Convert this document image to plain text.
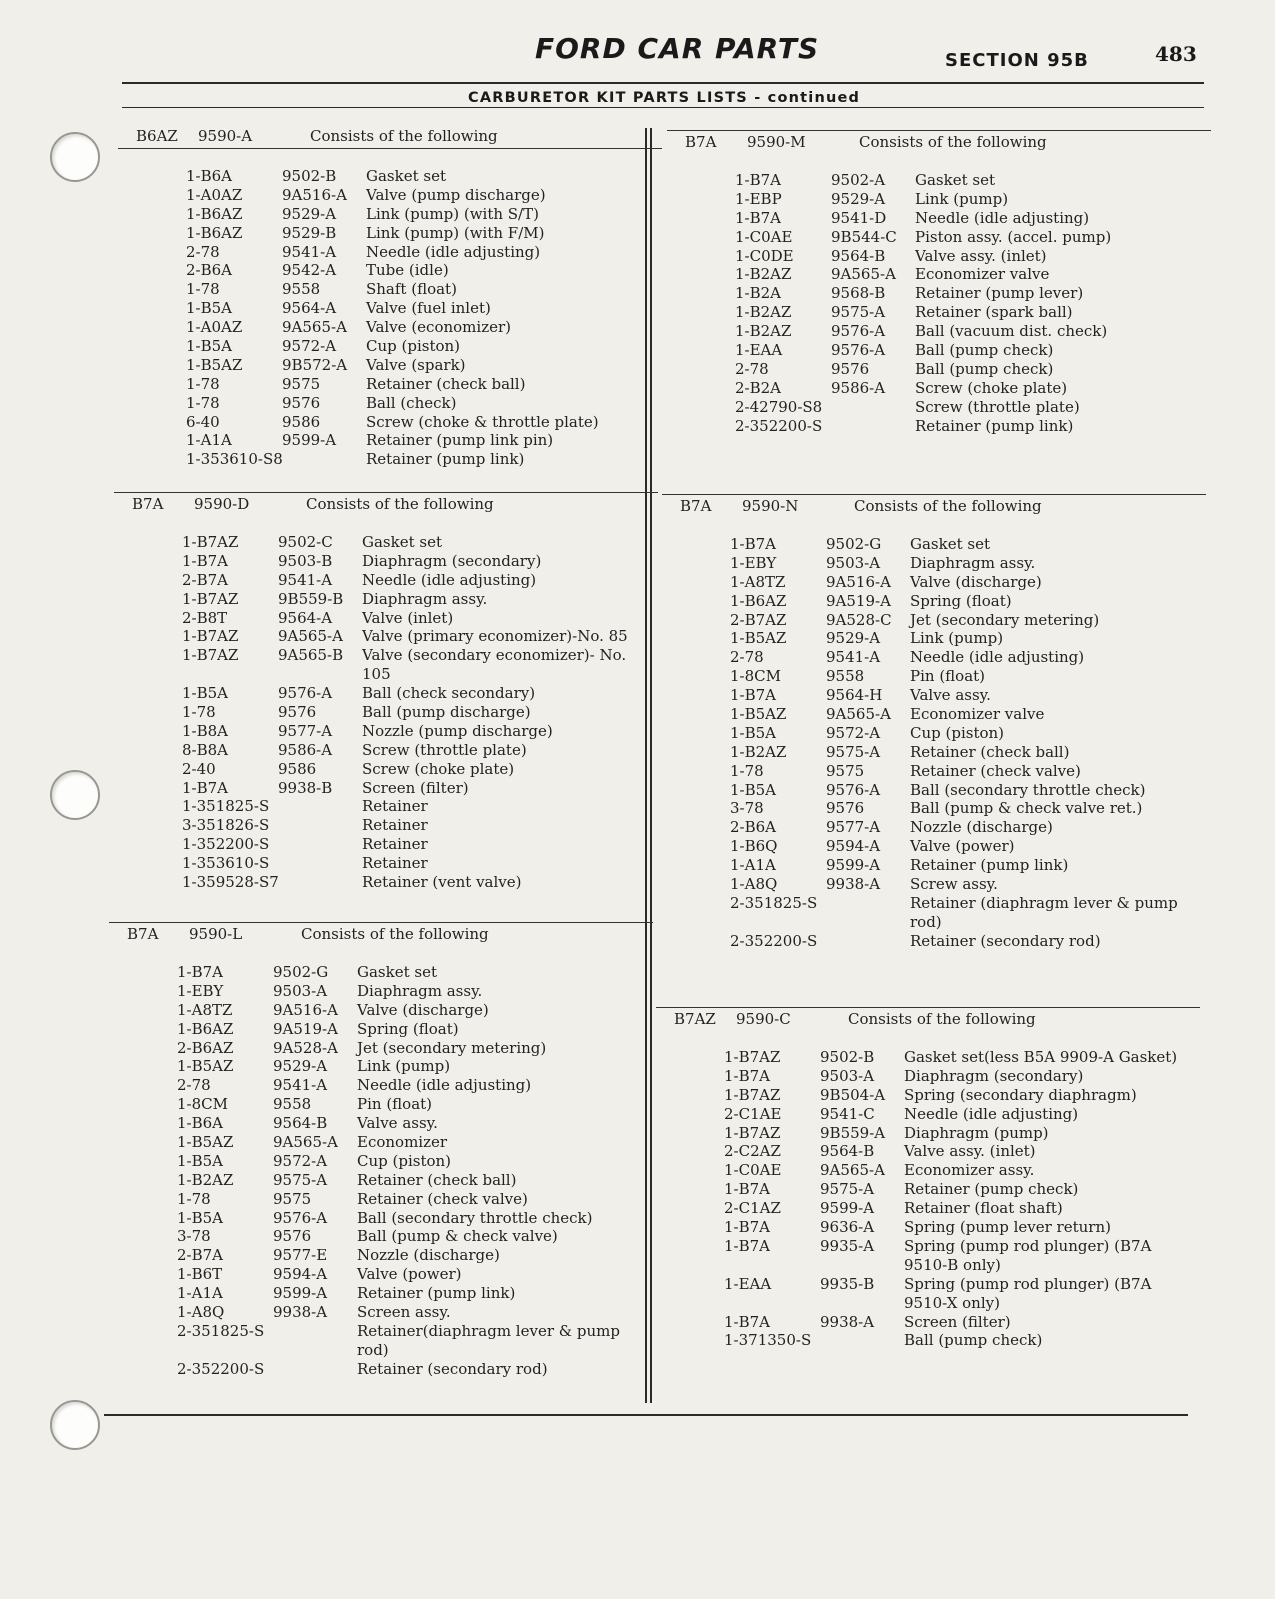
FORD CAR PARTS	SECTION 95B	483
CARBURETOR KIT PARTS LISTS - continued
B6AZ 9590-A	Consists of the following
1-B6A	9502-B Gasket set
1-A0AZ	9A516-A Valve (pump discharge)
1-B6AZ	9529-A Link (pump) (with S/T)
1-B6AZ	9529-B Link (pump) (with F/M)
2-78	9541-A Needle (idle adjusting)
2-B6A	9542-A Tube (idle)
1-78	9558	Shaft (float)
1-B5A	9564-A Valve (fuel inlet)
1-A0AZ	9A565-A Valve (economizer)
1-B5A	9572-A Cup (piston)
1-B5AZ	9B572-A Valve (spark)
1-78	9575	Retainer (check ball)
1-78	9576	Ball (check)
6-40	9586	Screw (choke & throttle plate)
1-A1A	9599-A Retainer (pump link pin)
1-353610-S8	Retainer (pump link)
B7A 9590-D	Consists of the following
1-B7AZ	9502-C Gasket set
1-B7A	9503-B Diaphragm (secondary)
2-B7A	9541-A Needle (idle adjusting)
1-B7AZ	9B559-B Diaphragm assy.
2-B8T	9564-A Valve (inlet)
1-B7AZ	9A565-A Valve (primary economizer)-No. 85
1-B7AZ	9A565-B Valve (secondary economizer)- No. 105
1-B5A	9576-A Ball (check secondary)
1-78	9576	Ball (pump discharge)
1-B8A	9577-A Nozzle (pump discharge)
8-B8A	9586-A Screw (throttle plate)
2-40	9586	Screw (choke plate)
1-B7A	9938-B Screen (filter)
1-351825-S	Retainer
3-351826-S	Retainer
1-352200-S	Retainer
1-353610-S	Retainer
1-359528-S7	Retainer (vent valve)
B7A 9590-L	Consists of the following
1-B7A	9502-G Gasket set
1-EBY	9503-A Diaphragm assy.
1-A8TZ	9A516-A Valve (discharge)
1-B6AZ	9A519-A Spring (float)
2-B6AZ	9A528-A Jet (secondary metering)
1-B5AZ	9529-A Link (pump)
2-78	9541-A Needle (idle adjusting)
1-8CM	9558	Pin (float)
1-B6A	9564-B Valve assy.
1-B5AZ	9A565-A Economizer
1-B5A	9572-A Cup (piston)
1-B2AZ	9575-A Retainer (check ball)
1-78	9575	Retainer (check valve)
1-B5A	9576-A Ball (secondary throttle check)
3-78	9576	Ball (pump & check valve)
2-B7A	9577-E Nozzle (discharge)
1-B6T	9594-A Valve (power)
1-A1A	9599-A Retainer (pump link)
1-A8Q	9938-A Screen assy.
2-351825-S	Retainer(diaphragm lever & pump rod)
2-352200-S	Retainer (secondary rod)
B7A 9590-M	Consists of the following
1-B7A	9502-A Gasket set
1-EBP	9529-A Link (pump)
1-B7A	9541-D Needle (idle adjusting)
1-C0AE	9B544-C Piston assy. (accel. pump)
1-C0DE 9564-B Valve assy. (inlet)
1-B2AZ	9A565-A Economizer valve
1-B2A	9568-B Retainer (pump lever)
1-B2AZ	9575-A Retainer (spark ball)
1-B2AZ	9576-A Ball (vacuum dist. check)
1-EAA	9576-A Ball (pump check)
2-78	9576	Ball (pump check)
2-B2A	9586-A Screw (choke plate)
2-42790-S8	Screw (throttle plate)
2-352200-S	Retainer (pump link)
B7A 9590-N	Consists of the following
1-B7A	9502-G Gasket set
1-EBY	9503-A Diaphragm assy.
1-A8TZ	9A516-A Valve (discharge)
1-B6AZ	9A519-A Spring (float)
2-B7AZ	9A528-C Jet (secondary metering)
1-B5AZ	9529-A Link (pump)
2-78	9541-A Needle (idle adjusting)
1-8CM	9558	Pin (float)
1-B7A	9564-H Valve assy.
1-B5AZ	9A565-A Economizer valve
1-B5A	9572-A Cup (piston)
1-B2AZ	9575-A Retainer (check ball)
1-78	9575	Retainer (check valve)
1-B5A	9576-A Ball (secondary throttle check)
3-78	9576	Ball (pump & check valve ret.)
2-B6A	9577-A Nozzle (discharge)
1-B6Q	9594-A Valve (power)
1-A1A	9599-A Retainer (pump link)
1-A8Q	9938-A Screw assy.
2-351825-S	Retainer (diaphragm lever & pump rod)
2-352200-S	Retainer (secondary rod)
B7AZ 9590-C	Consists of the following
1-B7AZ	9502-B Gasket set(less B5A 9909-A Gasket)
1-B7A	9503-A Diaphragm (secondary)
1-B7AZ	9B504-A Spring (secondary diaphragm)
2-C1AE	9541-C Needle (idle adjusting)
1-B7AZ	9B559-A Diaphragm (pump)
2-C2AZ	9564-B Valve assy. (inlet)
1-C0AE	9A565-A Economizer assy.
1-B7A	9575-A Retainer (pump check)
2-C1AZ	9599-A Retainer (float shaft)
1-B7A	9636-A Spring (pump lever return)
1-B7A	9935-A Spring (pump rod plunger) (B7A 9510-B only)
1-EAA	9935-B Spring (pump rod plunger) (B7A 9510-X only)
1-B7A	9938-A Screen (filter)
1-371350-S	Ball (pump check)
